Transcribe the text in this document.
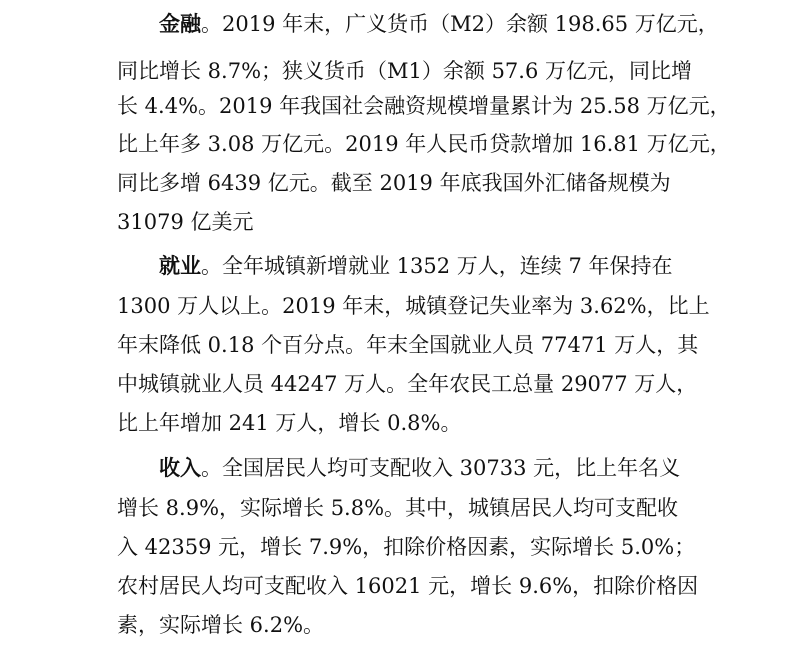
金融。2019 年末，广义货币（M2）余额 198.65 万亿元，
同比增长 8.7%；狭义货币（M1）余额 57.6 万亿元，同比增
长 4.4%。2019 年我国社会融资规模增量累计为 25.58 万亿元，
比上年多 3.08 万亿元。2019 年人民币贷款增加 16.81 万亿元，
同比多增 6439 亿元。截至 2019 年底我国外汇储备规模为
31079 亿美元
就业。全年城镇新增就业 1352 万人，连续 7 年保持在
1300 万人以上。2019 年末，城镇登记失业率为 3.62%，比上
年末降低 0.18 个百分点。年末全国就业人员 77471 万人，其
中城镇就业人员 44247 万人。全年农民工总量 29077 万人，
比上年增加 241 万人，增长 0.8%。
收入。全国居民人均可支配收入 30733 元，比上年名义
增长 8.9%，实际增长 5.8%。其中，城镇居民人均可支配收
入 42359 元，增长 7.9%，扣除价格因素，实际增长 5.0%；
农村居民人均可支配收入 16021 元，增长 9.6%，扣除价格因
素，实际增长 6.2%。
